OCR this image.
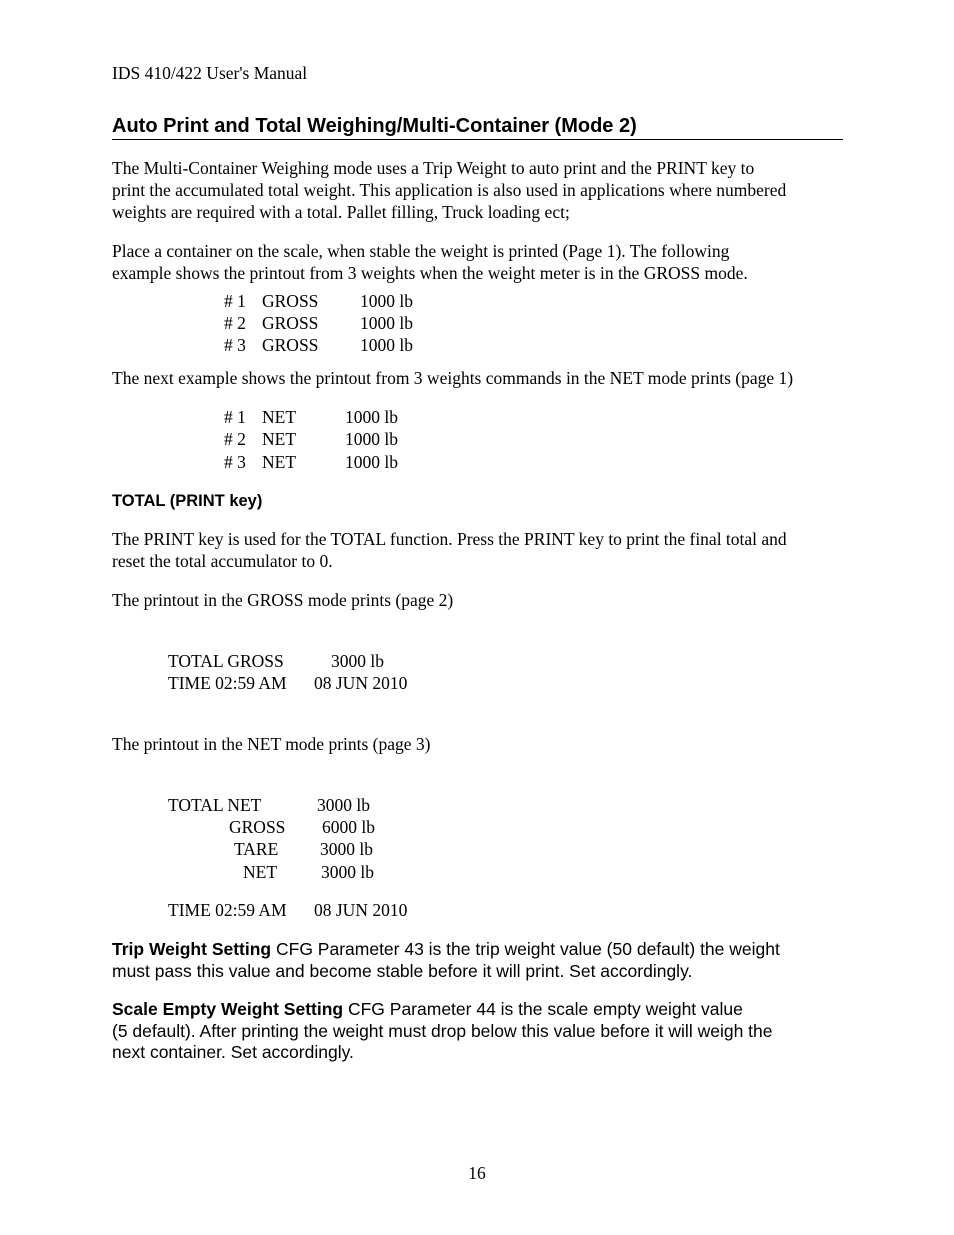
IDS 410/422 User's Manual
Auto Print and Total Weighing/Multi-Container (Mode 2)

The Multi-Container Weighing mode uses a Trip Weight to auto print and the PRINT key to

print the accumulated total weight. This application is also used in applications where numbered

weights are required with a total. Pallet filling, Truck loading ect;

Place a container on the scale, when stable the weight is printed (Page 1). The following

example shows the printout from 3 weights when the weight meter is in the GROSS mode.

# 1 GROSS 1000 lb
# 2 GROSS 1000 lb
# 3 GROSS 1000 lb
The next example shows the printout from 3 weights commands in the NET mode prints (page 1)
# 1 NET	1000 lb
# 2 NET	1000 lb
# 3 NET	1000 lb
TOTAL (PRINT key)

The PRINT key is used for the TOTAL function. Press the PRINT key to print the final total and

reset the total accumulator to 0.

The printout in the GROSS mode prints (page 2)
TOTAL GROSS	3000 lb
TIME 02:59 AM 08 JUN 2010
The printout in the NET mode prints (page 3)
TOTAL NET	3000 lb
GROSS 6000 lb
TARE 3000 lb
NET	3000 lb
TIME 02:59 AM 08 JUN 2010
Trip Weight Setting CFG Parameter 43 is the trip weight value (50 default) the weight
must pass this value and become stable before it will print. Set accordingly.
Scale Empty Weight Setting CFG Parameter 44 is the scale empty weight value
(5 default). After printing the weight must drop below this value before it will weigh the
next container. Set accordingly.
16
